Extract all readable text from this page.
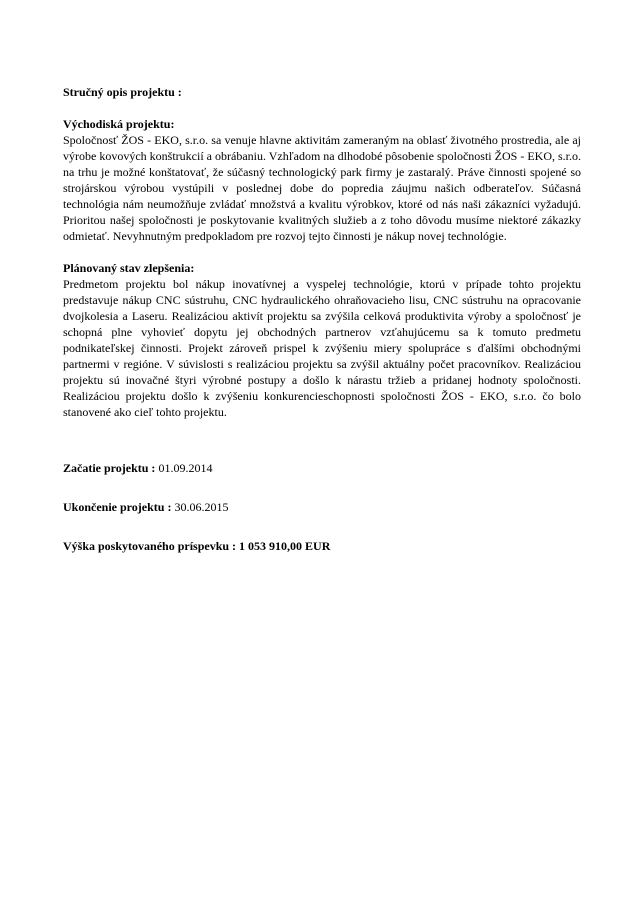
Stručný opis projektu :

Východiská projektu:

Spoločnosť ŽOS - EKO, s.r.o. sa venuje hlavne aktivitám zameraným na oblasť životného prostredia, ale aj výrobe kovových konštrukcií a obrábaniu. Vzhľadom na dlhodobé pôsobenie spoločnosti ŽOS - EKO, s.r.o. na trhu je možné konštatovať, že súčasný technologický park firmy je zastaralý. Práve činnosti spojené so strojárskou výrobou vystúpili v poslednej dobe do popredia záujmu našich odberateľov. Súčasná technológia nám neumožňuje zvládať množstvá a kvalitu výrobkov, ktoré od nás naši zákazníci vyžadujú. Prioritou našej spoločnosti je poskytovanie kvalitných služieb a z toho dôvodu musíme niektoré zákazky odmietať. Nevyhnutným predpokladom pre rozvoj tejto činnosti je nákup novej technológie.

Plánovaný stav zlepšenia:

Predmetom projektu bol nákup inovatívnej a vyspelej technológie, ktorú v prípade tohto projektu predstavuje nákup CNC sústruhu, CNC hydraulického ohraňovacieho lisu, CNC sústruhu na opracovanie dvojkolesia a Laseru. Realizáciou aktivít projektu sa zvýšila celková produktivita výroby a spoločnosť je schopná plne vyhovieť dopytu jej obchodných partnerov vzťahujúcemu sa k tomuto predmetu podnikateľskej činnosti. Projekt zároveň prispel k zvýšeniu miery spolupráce s ďalšími obchodnými partnermi v regióne. V súvislosti s realizáciou projektu sa zvýšil aktuálny počet pracovníkov. Realizáciou projektu sú inovačné štyri výrobné postupy a došlo k nárastu tržieb a pridanej hodnoty spoločnosti. Realizáciou projektu došlo k zvýšeniu konkurencieschopnosti spoločnosti ŽOS - EKO, s.r.o. čo bolo stanovené ako cieľ tohto projektu.

Začatie projektu : 01.09.2014

Ukončenie projektu : 30.06.2015

Výška poskytovaného príspevku : 1 053 910,00 EUR
